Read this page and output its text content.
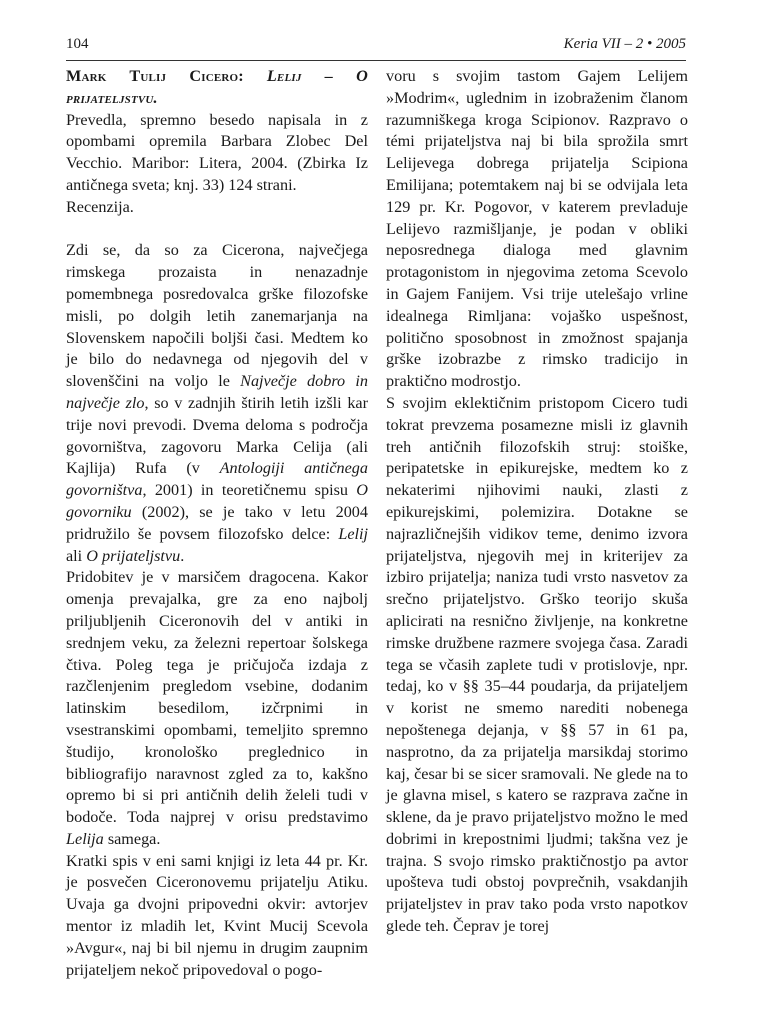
104	Keria VII – 2 • 2005

Mark Tulij Cicero: Lelij – O prijateljstvu.

Prevedla, spremno besedo napisala in z opombami opremila Barbara Zlobec Del Vecchio. Maribor: Litera, 2004. (Zbirka Iz antičnega sveta; knj. 33) 124 strani.

Recenzija.

Zdi se, da so za Cicerona, največjega rimskega prozaista in nenazadnje pomembnega posredovalca grške filozofske misli, po dolgih letih zanemarjanja na Slovenskem napočili boljši časi. Medtem ko je bilo do nedavnega od njegovih del v slovenščini na voljo le Največje dobro in največje zlo, so v zadnjih štirih letih izšli kar trije novi prevodi. Dvema deloma s področja govorništva, zagovoru Marka Celija (ali Kajlija) Rufa (v Antologiji antičnega govorništva, 2001) in teoretičnemu spisu O govorniku (2002), se je tako v letu 2004 pridružilo še povsem filozofsko delce: Lelij ali O prijateljstvu.

Pridobitev je v marsičem dragocena. Kakor omenja prevajalka, gre za eno najbolj priljubljenih Ciceronovih del v antiki in srednjem veku, za železni repertoar šolskega čtiva. Poleg tega je pričujoča izdaja z razčlenjenim pregledom vsebine, dodanim latinskim besedilom, izčrpnimi in vsestranskimi opombami, temeljito spremno študijo, kronološko preglednico in bibliografijo naravnost zgled za to, kakšno opremo bi si pri antičnih delih želeli tudi v bodoče. Toda najprej v orisu predstavimo Lelija samega.

Kratki spis v eni sami knjigi iz leta 44 pr. Kr. je posvečen Ciceronovemu prijatelju Atiku. Uvaja ga dvojni pripovedni okvir: avtorjev mentor iz mladih let, Kvint Mucij Scevola »Avgur«, naj bi bil njemu in drugim zaupnim prijateljem nekoč pripovedoval o pogo-

voru s svojim tastom Gajem Lelijem »Modrim«, uglednim in izobraženim članom razumniškega kroga Scipionov. Razpravo o témi prijateljstva naj bi bila sprožila smrt Lelijevega dobrega prijatelja Scipiona Emilijana; potemtakem naj bi se odvijala leta 129 pr. Kr. Pogovor, v katerem prevladuje Lelijevo razmišljanje, je podan v obliki neposrednega dialoga med glavnim protagonistom in njegovima zetoma Scevolo in Gajem Fanijem. Vsi trije utelešajo vrline idealnega Rimljana: vojaško uspešnost, politično sposobnost in zmožnost spajanja grške izobrazbe z rimsko tradicijo in praktično modrostjo.

S svojim eklektičnim pristopom Cicero tudi tokrat prevzema posamezne misli iz glavnih treh antičnih filozofskih struj: stoiške, peripatetske in epikurejske, medtem ko z nekaterimi njihovimi nauki, zlasti z epikurejskimi, polemizira. Dotakne se najrazličnejših vidikov teme, denimo izvora prijateljstva, njegovih mej in kriterijev za izbiro prijatelja; naniza tudi vrsto nasvetov za srečno prijateljstvo. Grško teorijo skuša aplicirati na resnično življenje, na konkretne rimske družbene razmere svojega časa. Zaradi tega se včasih zaplete tudi v protislovje, npr. tedaj, ko v §§ 35–44 poudarja, da prijateljem v korist ne smemo narediti nobenega nepoštenega dejanja, v §§ 57 in 61 pa, nasprotno, da za prijatelja marsikdaj storimo kaj, česar bi se sicer sramovali. Ne glede na to je glavna misel, s katero se razprava začne in sklene, da je pravo prijateljstvo možno le med dobrimi in krepostnimi ljudmi; takšna vez je trajna. S svojo rimsko praktičnostjo pa avtor upošteva tudi obstoj povprečnih, vsakdanjih prijateljstev in prav tako poda vrsto napotkov glede teh. Čeprav je torej
